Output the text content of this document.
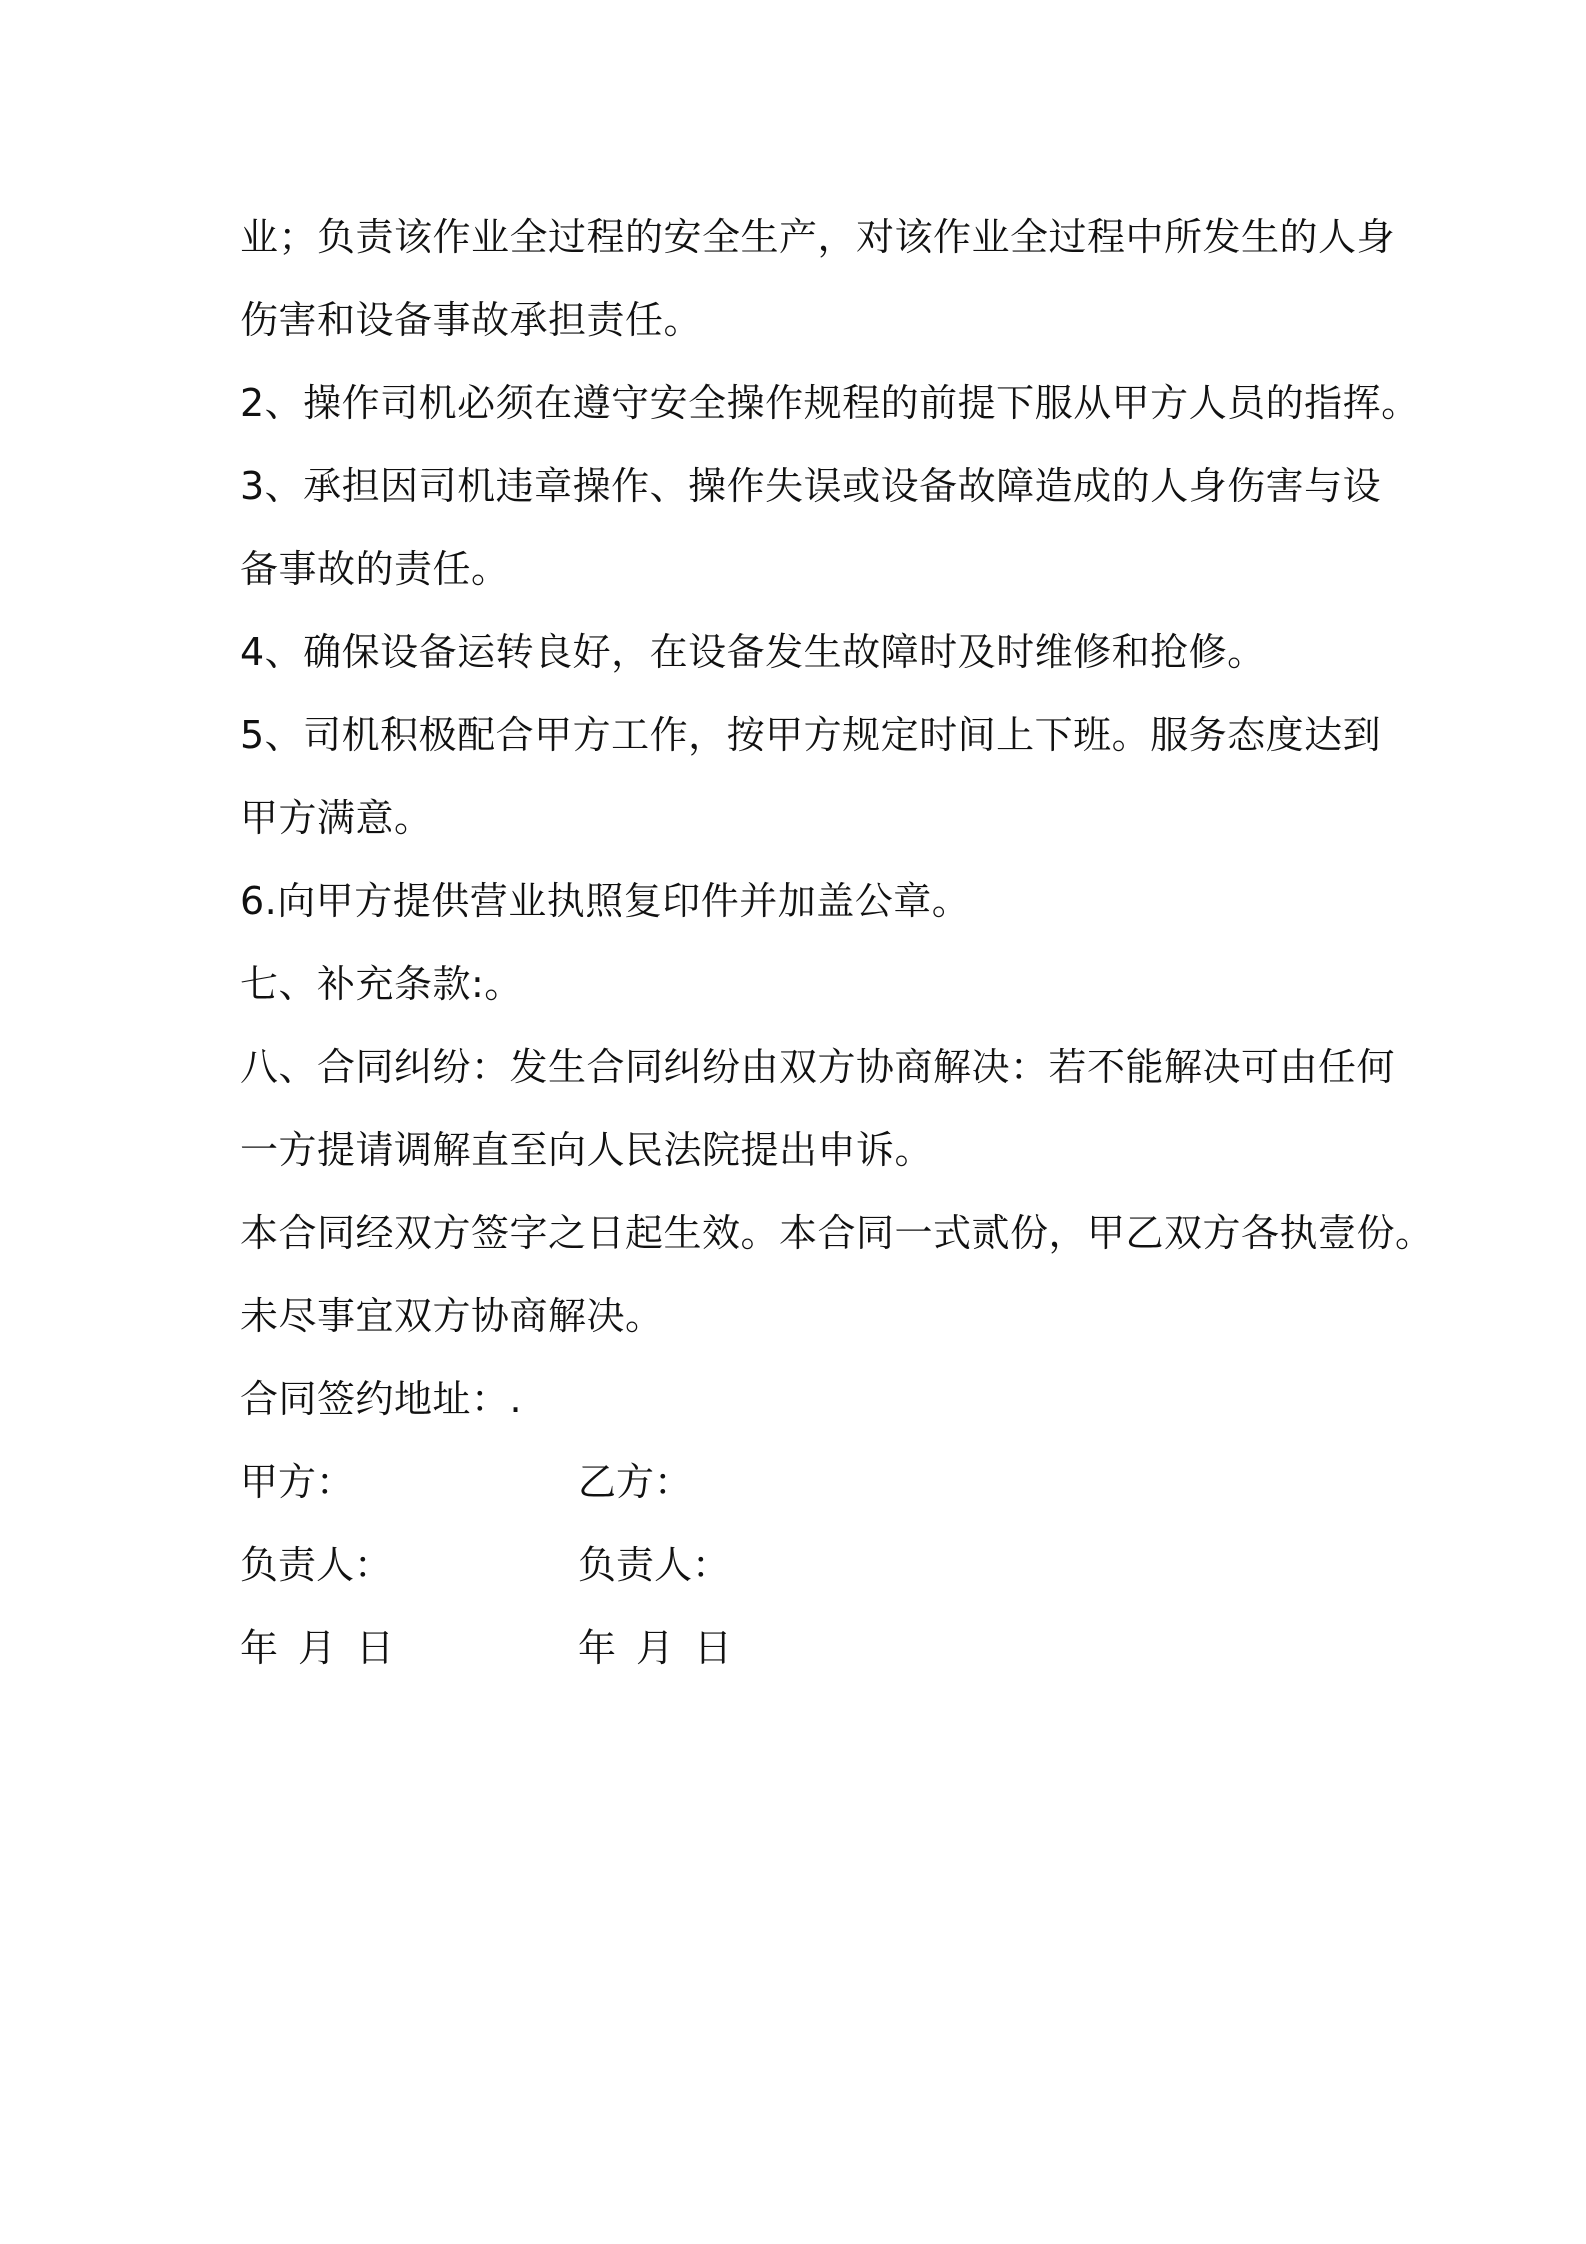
业；负责该作业全过程的安全生产，对该作业全过程中所发生的人身
伤害和设备事故承担责任。
2、操作司机必须在遵守安全操作规程的前提下服从甲方人员的指挥。
3、承担因司机违章操作、操作失误或设备故障造成的人身伤害与设
备事故的责任。
4、确保设备运转良好，在设备发生故障时及时维修和抢修。
5、司机积极配合甲方工作，按甲方规定时间上下班。服务态度达到
甲方满意。
6.向甲方提供营业执照复印件并加盖公章。
七、补充条款:。
八、合同纠纷：发生合同纠纷由双方协商解决：若不能解决可由任何
一方提请调解直至向人民法院提出申诉。
本合同经双方签字之日起生效。本合同一式贰份，甲乙双方各执壹份。
未尽事宜双方协商解决。
合同签约地址：.
甲方：	乙方：
负责人：	负责人：
年 月 日	年 月 日
